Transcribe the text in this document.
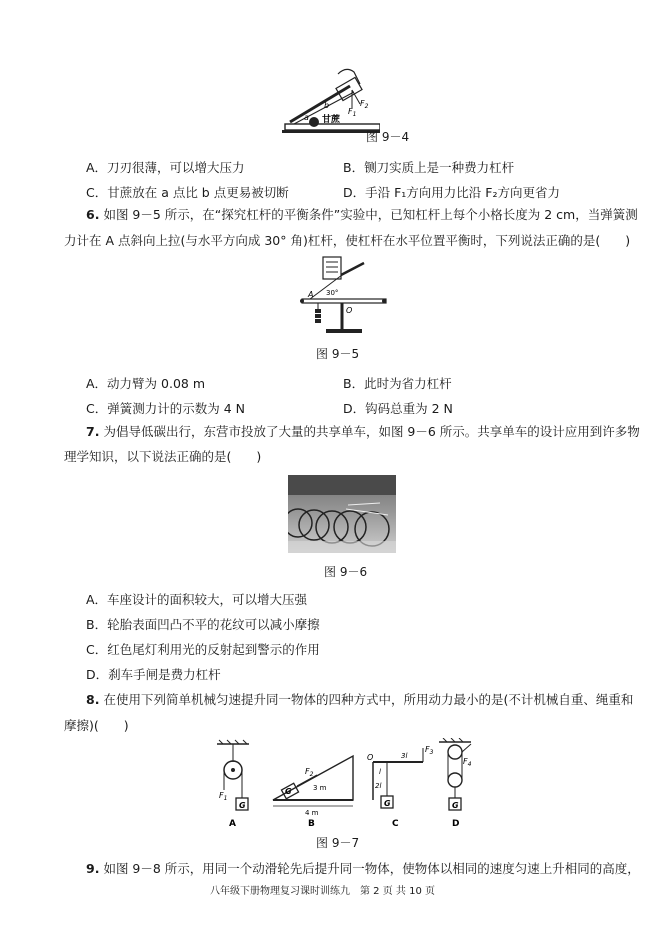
甘蔗
a
b
$F_1$
$F_2$
图 9－4
A．刀刃很薄，可以增大压力	B．铡刀实质上是一种费力杠杆
C．甘蔗放在 a 点比 b 点更易被切断	D．手沿 F₁方向用力比沿 F₂方向更省力
6. 如图 9－5 所示，在“探究杠杆的平衡条件”实验中，已知杠杆上每个小格长度为 2 cm，当弹簧测
力计在 A 点斜向上拉(与水平方向成 30° 角)杠杆，使杠杆在水平位置平衡时，下列说法正确的是(　　)
A 30°
O
图 9－5
A．动力臂为 0.08 m	B．此时为省力杠杆
C．弹簧测力计的示数为 4 N	D．钩码总重为 2 N
7. 为倡导低碳出行，东营市投放了大量的共享单车，如图 9－6 所示。共享单车的设计应用到许多物
理学知识，以下说法正确的是(　　)
图 9－6
A．车座设计的面积较大，可以增大压强
B．轮胎表面凹凸不平的花纹可以减小摩擦
C．红色尾灯利用光的反射起到警示的作用
D．刹车手闸是费力杠杆
8. 在使用下列简单机械匀速提升同一物体的四种方式中，所用动力最小的是(不计机械自重、绳重和
摩擦)(　　)
G
$F_1$
A
G
$F_2$
3 m
4 m
B
G
O	3l
2l
l
$F_3$
C
G
$F_4$
D
图 9－7
9. 如图 9－8 所示，用同一个动滑轮先后提升同一物体，使物体以相同的速度匀速上升相同的高度，
八年级下册物理复习课时训练九　第 2 页 共 10 页
